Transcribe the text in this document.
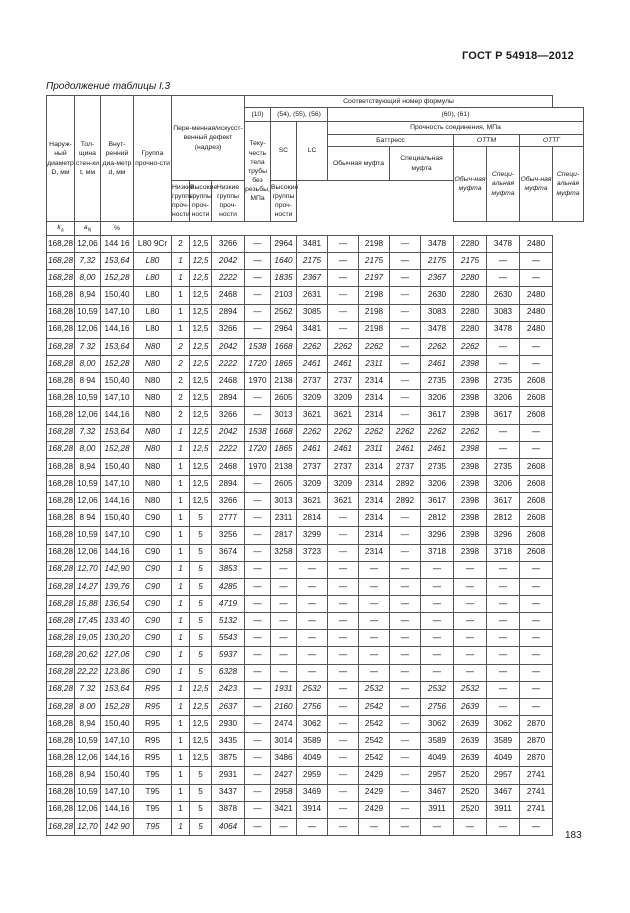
ГОСТ Р 54918—2012
Продолжение таблицы I.3
Наруж-ный диаметр D, мм	Тол-щина стен-ки t, мм	Внут-ренний диа-метр d, мм	Группа прочно-сти	Пере-менная/искусст-венный дефект (надрез)			Соответствующий номер формулы										
							(10)	(54), (55), (56)		(60), (61)							
							Теку-честь тела трубы без резьбы, МПа	SC	LC	Прочность соединения, МПа							
										Баттресс				ОТТМ		ОТТГ	
										Обычная муфта		Специальная муфта		Обыч-ная муфта	Специ-альная муфта	Обыч-ная муфта	Специ-альная муфта
				Низкие группы проч-ности	Высокие группы проч-ности	Низкие группы проч-ности		Высокие группы проч-ности									
$k_a$	$a_N$	%															
168,28	12,06	144 16	L80 9Cr	2	12,5	3266	—	2964	3481	—	2198	—	3478	2280	3478	2480	
168,28	7,32	153,64	L80	1	12,5	2042	—	1640	2175	—	2175	—	2175	2175	—	—	
168,28	8,00	152,28	L80	1	12,5	2222	—	1835	2367	—	2197	—	2367	2280	—	—	
168,28	8,94	150,40	L80	1	12,5	2468	—	2103	2631	—	2198	—	2630	2280	2630	2480	
168,28	10,59	147,10	L80	1	12,5	2894	—	2562	3085	—	2198	—	3083	2280	3083	2480	
168,28	12,06	144,16	L80	1	12,5	3266	—	2964	3481	—	2198	—	3478	2280	3478	2480	
168,28	7 32	153,64	N80	2	12,5	2042	1538	1668	2262	2262	2262	—	2262	2262	—	—	
168,28	8,00	152,28	N80	2	12,5	2222	1720	1865	2461	2461	2311	—	2461	2398	—	—	
168,28	8 94	150,40	N80	2	12,5	2468	1970	2138	2737	2737	2314	—	2735	2398	2735	2608	
168,28	10,59	147,10	N80	2	12,5	2894	—	2605	3209	3209	2314	—	3206	2398	3206	2608	
168,28	12,06	144,16	N80	2	12,5	3266	—	3013	3621	3621	2314	—	3617	2398	3617	2608	
168,28	7,32	153,64	N80	1	12,5	2042	1538	1668	2262	2262	2262	2262	2262	2262	—	—	
168,28	8,00	152,28	N80	1	12,5	2222	1720	1865	2461	2461	2311	2461	2461	2398	—	—	
168,28	8,94	150,40	N80	1	12,5	2468	1970	2138	2737	2737	2314	2737	2735	2398	2735	2608	
168,28	10,59	147,10	N80	1	12,5	2894	—	2605	3209	3209	2314	2892	3206	2398	3206	2608	
168,28	12,06	144,16	N80	1	12,5	3266	—	3013	3621	3621	2314	2892	3617	2398	3617	2608	
168,28	8 94	150,40	C90	1	5	2777	—	2311	2814	—	2314	—	2812	2398	2812	2608	
168,28	10,59	147,10	C90	1	5	3256	—	2817	3299	—	2314	—	3296	2398	3296	2608	
168,28	12,06	144,16	C90	1	5	3674	—	3258	3723	—	2314	—	3718	2398	3718	2608	
168,28	12,70	142,90	C90	1	5	3853	—	—	—	—	—	—	—	—	—	—	
168,28	14,27	139,76	C90	1	5	4285	—	—	—	—	—	—	—	—	—	—	
168,28	15,88	136,54	C90	1	5	4719	—	—	—	—	—	—	—	—	—	—	
168,28	17,45	133 40	C90	1	5	5132	—	—	—	—	—	—	—	—	—	—	
168,28	19,05	130,20	C90	1	5	5543	—	—	—	—	—	—	—	—	—	—	
168,28	20,62	127,06	C90	1	5	5937	—	—	—	—	—	—	—	—	—	—	
168,28	22,22	123,86	C90	1	5	6328	—	—	—	—	—	—	—	—	—	—	
168,28	7 32	153,64	R95	1	12,5	2423	—	1931	2532	—	2532	—	2532	2532	—	—	
168,28	8 00	152,28	R95	1	12,5	2637	—	2160	2756	—	2542	—	2756	2639	—	—	
168,28	8,94	150,40	R95	1	12,5	2930	—	2474	3062	—	2542	—	3062	2639	3062	2870	
168,28	10,59	147,10	R95	1	12,5	3435	—	3014	3589	—	2542	—	3589	2639	3589	2870	
168,28	12,06	144,16	R95	1	12,5	3875	—	3486	4049	—	2542	—	4049	2639	4049	2870	
168,28	8,94	150,40	T95	1	5	2931	—	2427	2959	—	2429	—	2957	2520	2957	2741	
168,28	10,59	147,10	T95	1	5	3437	—	2958	3469	—	2429	—	3467	2520	3467	2741	
168,28	12,06	144,16	T95	1	5	3878	—	3421	3914	—	2429	—	3911	2520	3911	2741	
168,28	12,70	142 90	T95	1	5	4064	—	—	—	—	—	—	—	—	—	—	
183
